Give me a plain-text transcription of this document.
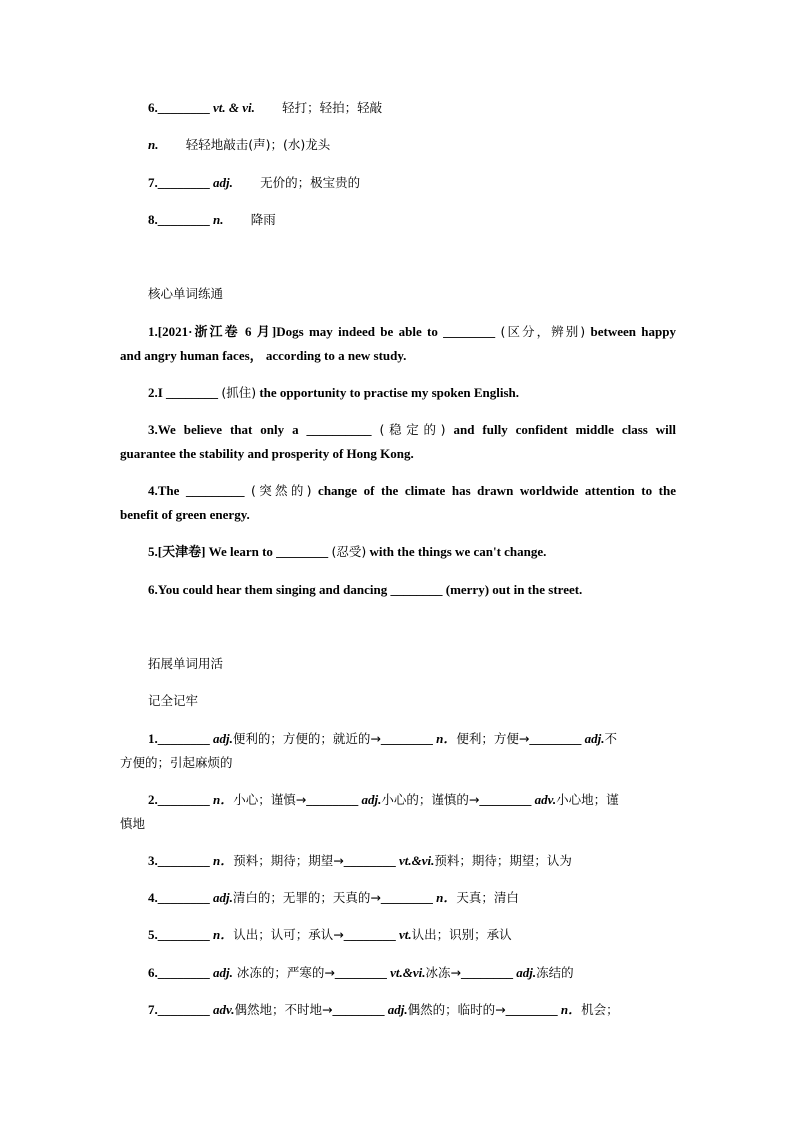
6.________ vt. & vi. 轻打；轻拍；轻敲
n. 轻轻地敲击(声)；(水)龙头
7.________ adj. 无价的；极宝贵的
8.________ n. 降雨
核心单词练通
1.[2021·浙江卷 6 月]Dogs may indeed be able to ________ (区分，辨别) between happy
and angry human faces， according to a new study.
2.I ________ (抓住) the opportunity to practise my spoken English.
3.We believe that only a __________ (稳定的) and fully confident middle class will
guarantee the stability and prosperity of Hong Kong.
4.The _________ (突然的) change of the climate has drawn worldwide attention to the
benefit of green energy.
5.[天津卷] We learn to ________ (忍受) with the things we can't change.
6.You could hear them singing and dancing ________ (merry) out in the street.
拓展单词用活
记全记牢
1.________ adj.便利的；方便的；就近的→________ n．便利；方便→________ adj.不
方便的；引起麻烦的
2.________ n．小心；谨慎→________ adj.小心的；谨慎的→________ adv.小心地；谨
慎地
3.________ n．预料；期待；期望→________ vt.&vi.预料；期待；期望；认为
4.________ adj.清白的；无罪的；天真的→________ n．天真；清白
5.________ n．认出；认可；承认→________ vt.认出；识别；承认
6.________ adj. 冰冻的；严寒的→________ vt.&vi.冰冻→________ adj.冻结的
7.________ adv.偶然地；不时地→________ adj.偶然的；临时的→________ n．机会；
